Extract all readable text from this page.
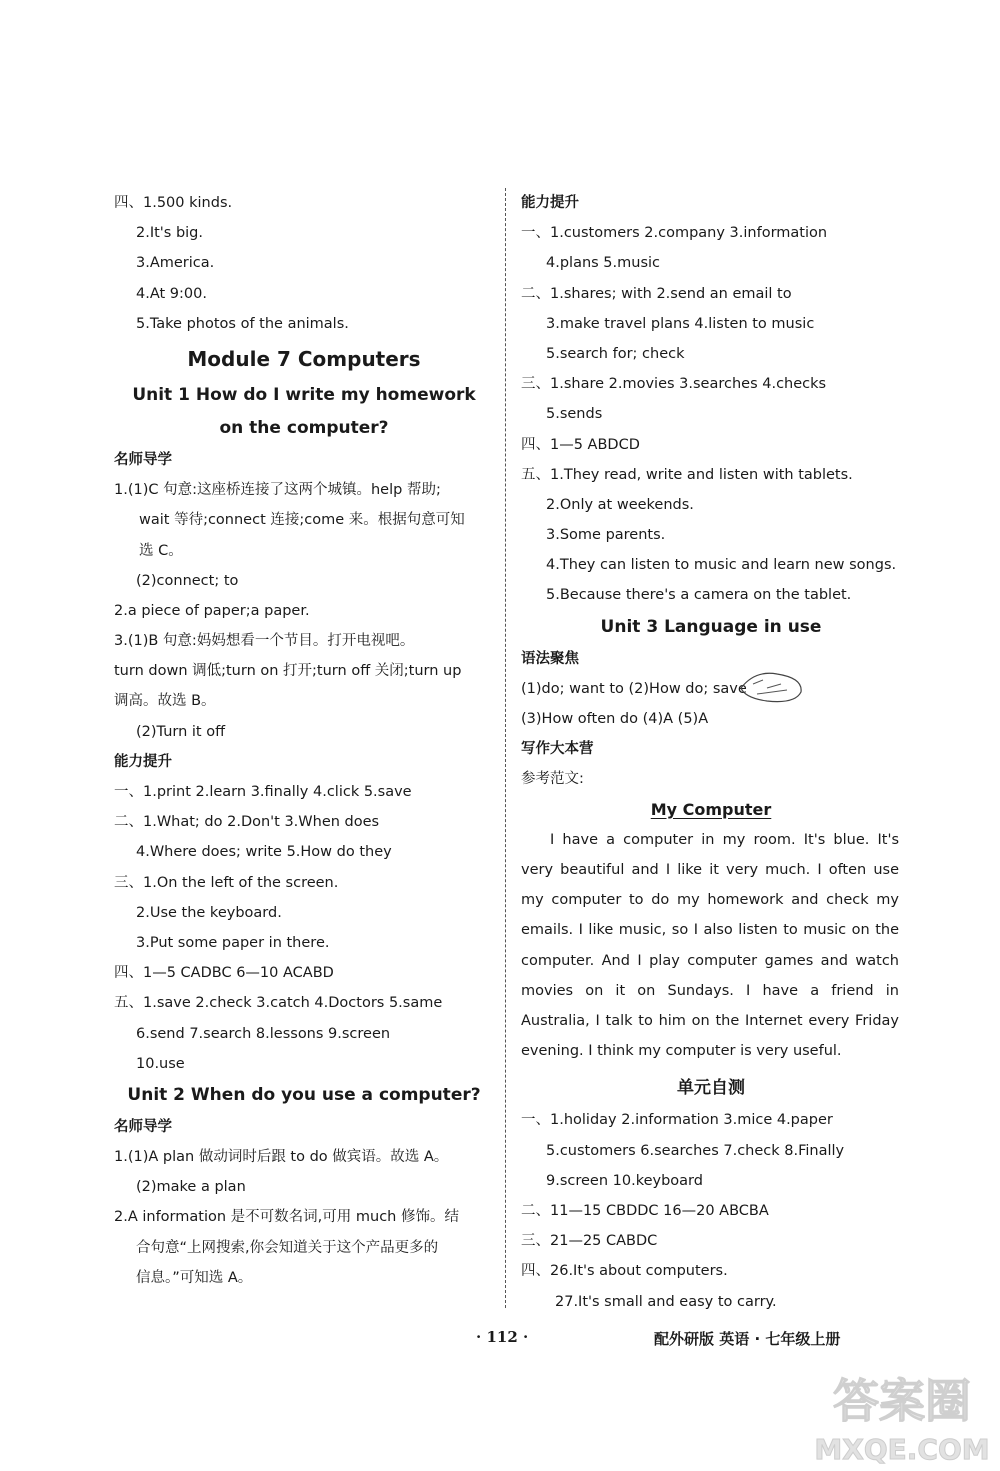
四、1.500 kinds.
2.It's big.
3.America.
4.At 9:00.
5.Take photos of the animals.
Module 7 Computers
Unit 1 How do I write my homework
on the computer?
名师导学
1.(1)C 句意:这座桥连接了这两个城镇。help 帮助;
wait 等待;connect 连接;come 来。根据句意可知
选 C。
(2)connect; to
2.a piece of paper;a paper.
3.(1)B 句意:妈妈想看一个节目。打开电视吧。
turn down 调低;turn on 打开;turn off 关闭;turn up
调高。故选 B。
(2)Turn it off
能力提升
一、1.print 2.learn 3.finally 4.click 5.save
二、1.What; do 2.Don't 3.When does
4.Where does; write 5.How do they
三、1.On the left of the screen.
2.Use the keyboard.
3.Put some paper in there.
四、1—5 CADBC 6—10 ACABD
五、1.save 2.check 3.catch 4.Doctors 5.same
6.send 7.search 8.lessons 9.screen
10.use
Unit 2 When do you use a computer?
名师导学
1.(1)A plan 做动词时后跟 to do 做宾语。故选 A。
(2)make a plan
2.A information 是不可数名词,可用 much 修饰。结
合句意“上网搜索,你会知道关于这个产品更多的
信息。”可知选 A。
能力提升
一、1.customers 2.company 3.information
4.plans 5.music
二、1.shares; with 2.send an email to
3.make travel plans 4.listen to music
5.search for; check
三、1.share 2.movies 3.searches 4.checks
5.sends
四、1—5 ABDCD
五、1.They read, write and listen with tablets.
2.Only at weekends.
3.Some parents.
4.They can listen to music and learn new songs.
5.Because there's a camera on the tablet.
Unit 3 Language in use
语法聚焦
(1)do; want to (2)How do; save
(3)How often do (4)A (5)A
写作大本营
参考范文:
My Computer

I have a computer in my room. It's blue. It's very beautiful and I like it very much. I often use my computer to do my homework and check my emails. I like music, so I also listen to music on the computer. And I play computer games and watch movies on it on Sundays. I have a friend in Australia, I talk to him on the Internet every Friday evening. I think my computer is very useful.

单元自测
一、1.holiday 2.information 3.mice 4.paper
5.customers 6.searches 7.check 8.Finally
9.screen 10.keyboard
二、11—15 CBDDC 16—20 ABCBA
三、21—25 CABDC
四、26.It's about computers.
27.It's small and easy to carry.
· 112 ·	配外研版 英语 · 七年级上册
答案圈
MXQE.COM
